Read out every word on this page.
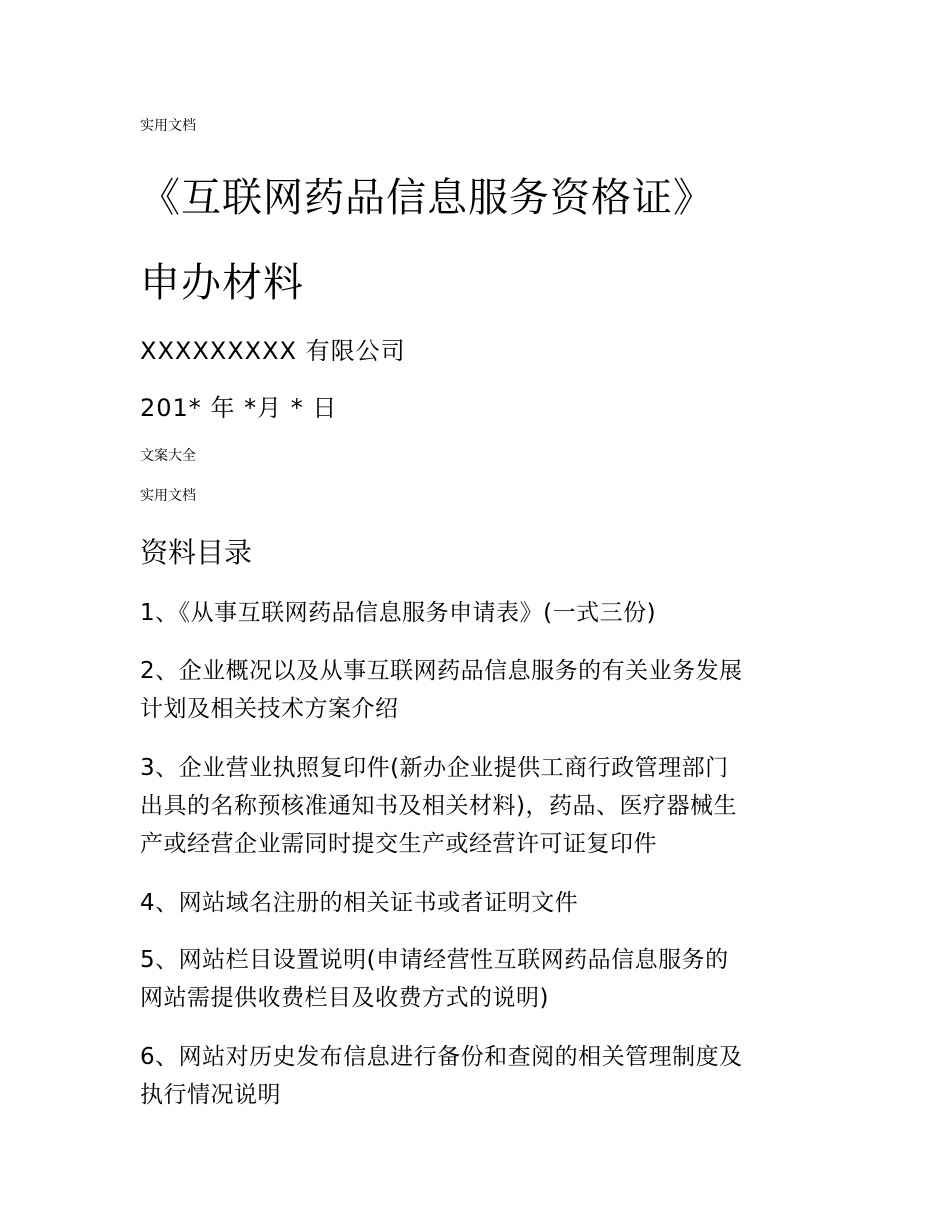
实用文档
《互联网药品信息服务资格证》
申办材料
XXXXXXXXX 有限公司
201* 年 *月 * 日
文案大全
实用文档
资料目录
1、《从事互联网药品信息服务申请表》(一式三份)
2、企业概况以及从事互联网药品信息服务的有关业务发展
计划及相关技术方案介绍
3、企业营业执照复印件(新办企业提供工商行政管理部门
出具的名称预核准通知书及相关材料)，药品、医疗器械生
产或经营企业需同时提交生产或经营许可证复印件
4、网站域名注册的相关证书或者证明文件
5、网站栏目设置说明(申请经营性互联网药品信息服务的
网站需提供收费栏目及收费方式的说明)
6、网站对历史发布信息进行备份和查阅的相关管理制度及
执行情况说明
